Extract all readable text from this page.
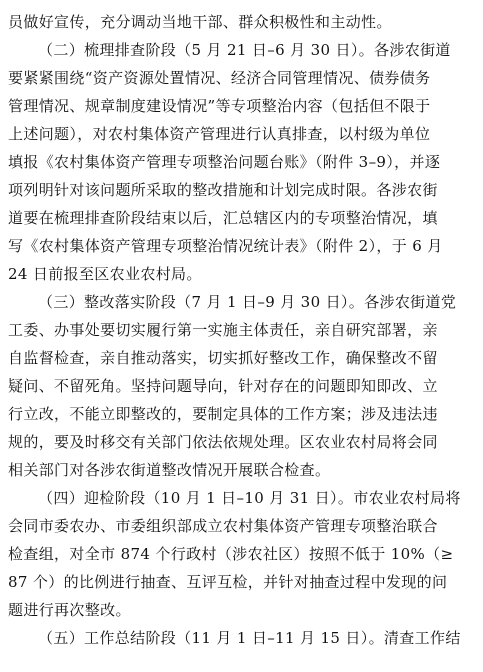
员做好宣传，充分调动当地干部、群众积极性和主动性。
（二）梳理排查阶段（5 月 21 日–6 月 30 日）。各涉农街道
要紧紧围绕“资产资源处置情况、经济合同管理情况、债券债务
管理情况、规章制度建设情况”等专项整治内容（包括但不限于
上述问题），对农村集体资产管理进行认真排查，以村级为单位
填报《农村集体资产管理专项整治问题台账》（附件 3–9），并逐
项列明针对该问题所采取的整改措施和计划完成时限。各涉农街
道要在梳理排查阶段结束以后，汇总辖区内的专项整治情况，填
写《农村集体资产管理专项整治情况统计表》（附件 2），于 6 月
24 日前报至区农业农村局。
（三）整改落实阶段（7 月 1 日–9 月 30 日）。各涉农街道党
工委、办事处要切实履行第一实施主体责任，亲自研究部署，亲
自监督检查，亲自推动落实，切实抓好整改工作，确保整改不留
疑问、不留死角。坚持问题导向，针对存在的问题即知即改、立
行立改，不能立即整改的，要制定具体的工作方案；涉及违法违
规的，要及时移交有关部门依法依规处理。区农业农村局将会同
相关部门对各涉农街道整改情况开展联合检查。
（四）迎检阶段（10 月 1 日–10 月 31 日）。市农业农村局将
会同市委农办、市委组织部成立农村集体资产管理专项整治联合
检查组，对全市 874 个行政村（涉农社区）按照不低于 10%（≥
87 个）的比例进行抽查、互评互检，并针对抽查过程中发现的问
题进行再次整改。
（五）工作总结阶段（11 月 1 日–11 月 15 日）。清查工作结
